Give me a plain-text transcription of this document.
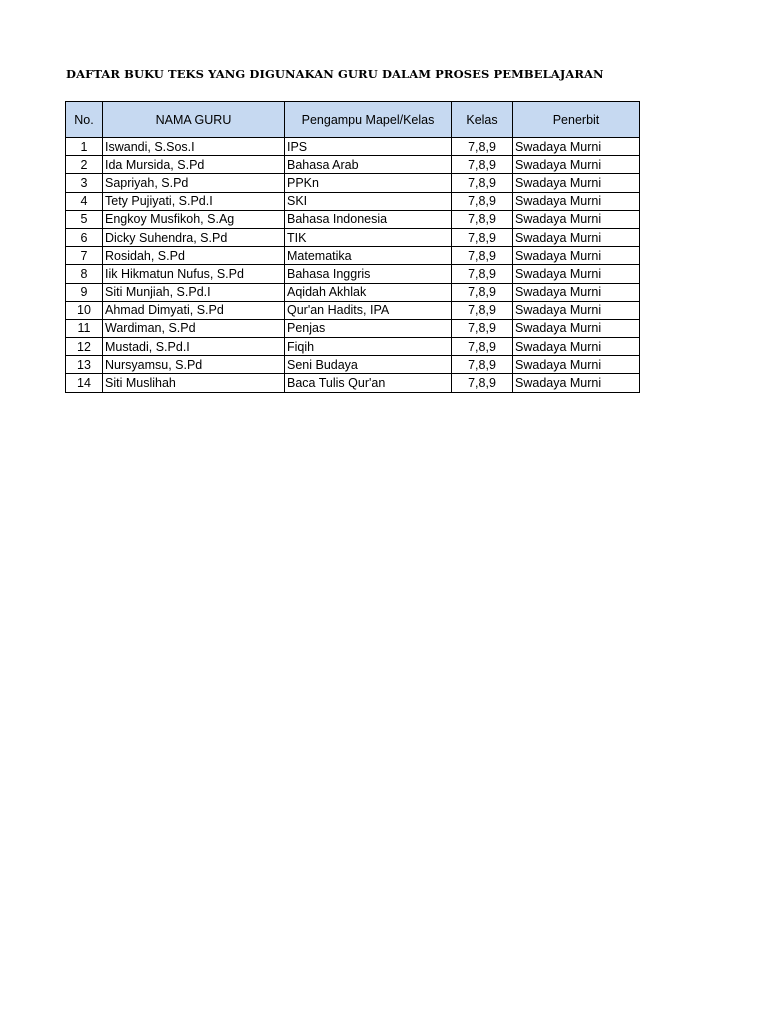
DAFTAR BUKU TEKS YANG DIGUNAKAN GURU DALAM PROSES PEMBELAJARAN
No.	NAMA GURU	Pengampu Mapel/Kelas	Kelas	Penerbit
1	Iswandi, S.Sos.I	IPS	7,8,9	Swadaya Murni
2	Ida Mursida, S.Pd	Bahasa Arab	7,8,9	Swadaya Murni
3	Sapriyah, S.Pd	PPKn	7,8,9	Swadaya Murni
4	Tety Pujiyati, S.Pd.I	SKI	7,8,9	Swadaya Murni
5	Engkoy Musfikoh, S.Ag	Bahasa Indonesia	7,8,9	Swadaya Murni
6	Dicky Suhendra, S.Pd	TIK	7,8,9	Swadaya Murni
7	Rosidah, S.Pd	Matematika	7,8,9	Swadaya Murni
8	Iik Hikmatun Nufus, S.Pd	Bahasa Inggris	7,8,9	Swadaya Murni
9	Siti Munjiah, S.Pd.I	Aqidah Akhlak	7,8,9	Swadaya Murni
10	Ahmad Dimyati, S.Pd	Qur'an Hadits, IPA	7,8,9	Swadaya Murni
11	Wardiman, S.Pd	Penjas	7,8,9	Swadaya Murni
12	Mustadi, S.Pd.I	Fiqih	7,8,9	Swadaya Murni
13	Nursyamsu, S.Pd	Seni Budaya	7,8,9	Swadaya Murni
14	Siti Muslihah	Baca Tulis Qur'an	7,8,9	Swadaya Murni
